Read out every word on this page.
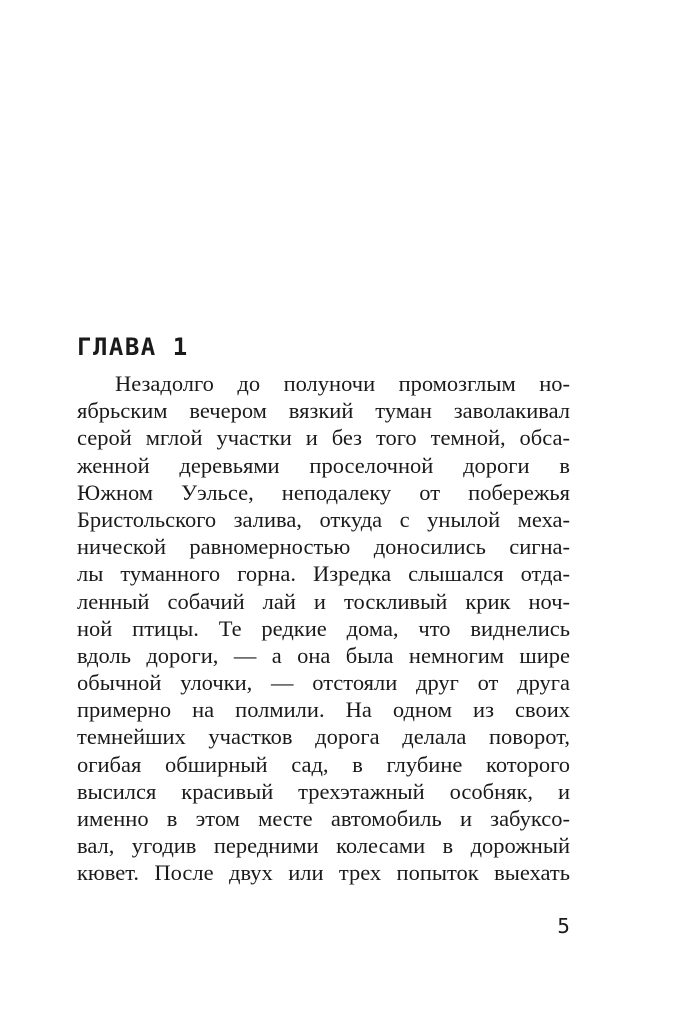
ГЛАВА 1
Незадолго до полуночи промозглым но-
ябрьским вечером вязкий туман заволакивал
серой мглой участки и без того темной, обса-
женной деревьями проселочной дороги в
Южном Уэльсе, неподалеку от побережья
Бристольского залива, откуда с унылой меха-
нической равномерностью доносились сигна-
лы туманного горна. Изредка слышался отда-
ленный собачий лай и тоскливый крик ноч-
ной птицы. Те редкие дома, что виднелись
вдоль дороги, — а она была немногим шире
обычной улочки, — отстояли друг от друга
примерно на полмили. На одном из своих
темнейших участков дорога делала поворот,
огибая обширный сад, в глубине которого
высился красивый трехэтажный особняк, и
именно в этом месте автомобиль и забуксо-
вал, угодив передними колесами в дорожный
кювет. После двух или трех попыток выехать
5
